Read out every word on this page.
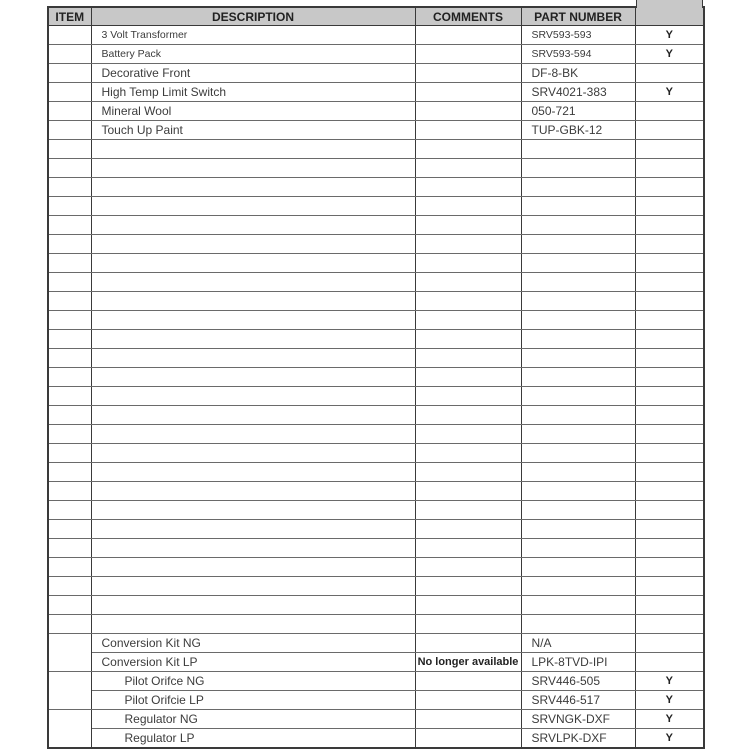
ITEM	DESCRIPTION	COMMENTS	PART NUMBER	

	3 Volt Transformer		SRV593-593	Y
	Battery Pack		SRV593-594	Y
	Decorative Front		DF-8-BK	
	High Temp Limit Switch		SRV4021-383	Y
	Mineral Wool		050-721	
	Touch Up Paint		TUP-GBK-12	

	Conversion Kit NG		N/A	
	Conversion Kit LP	No longer available	LPK-8TVD-IPI	
	Pilot Orifce NG		SRV446-505	Y
	Pilot Orifcie LP		SRV446-517	Y
	Regulator NG		SRVNGK-DXF	Y
	Regulator LP		SRVLPK-DXF	Y
